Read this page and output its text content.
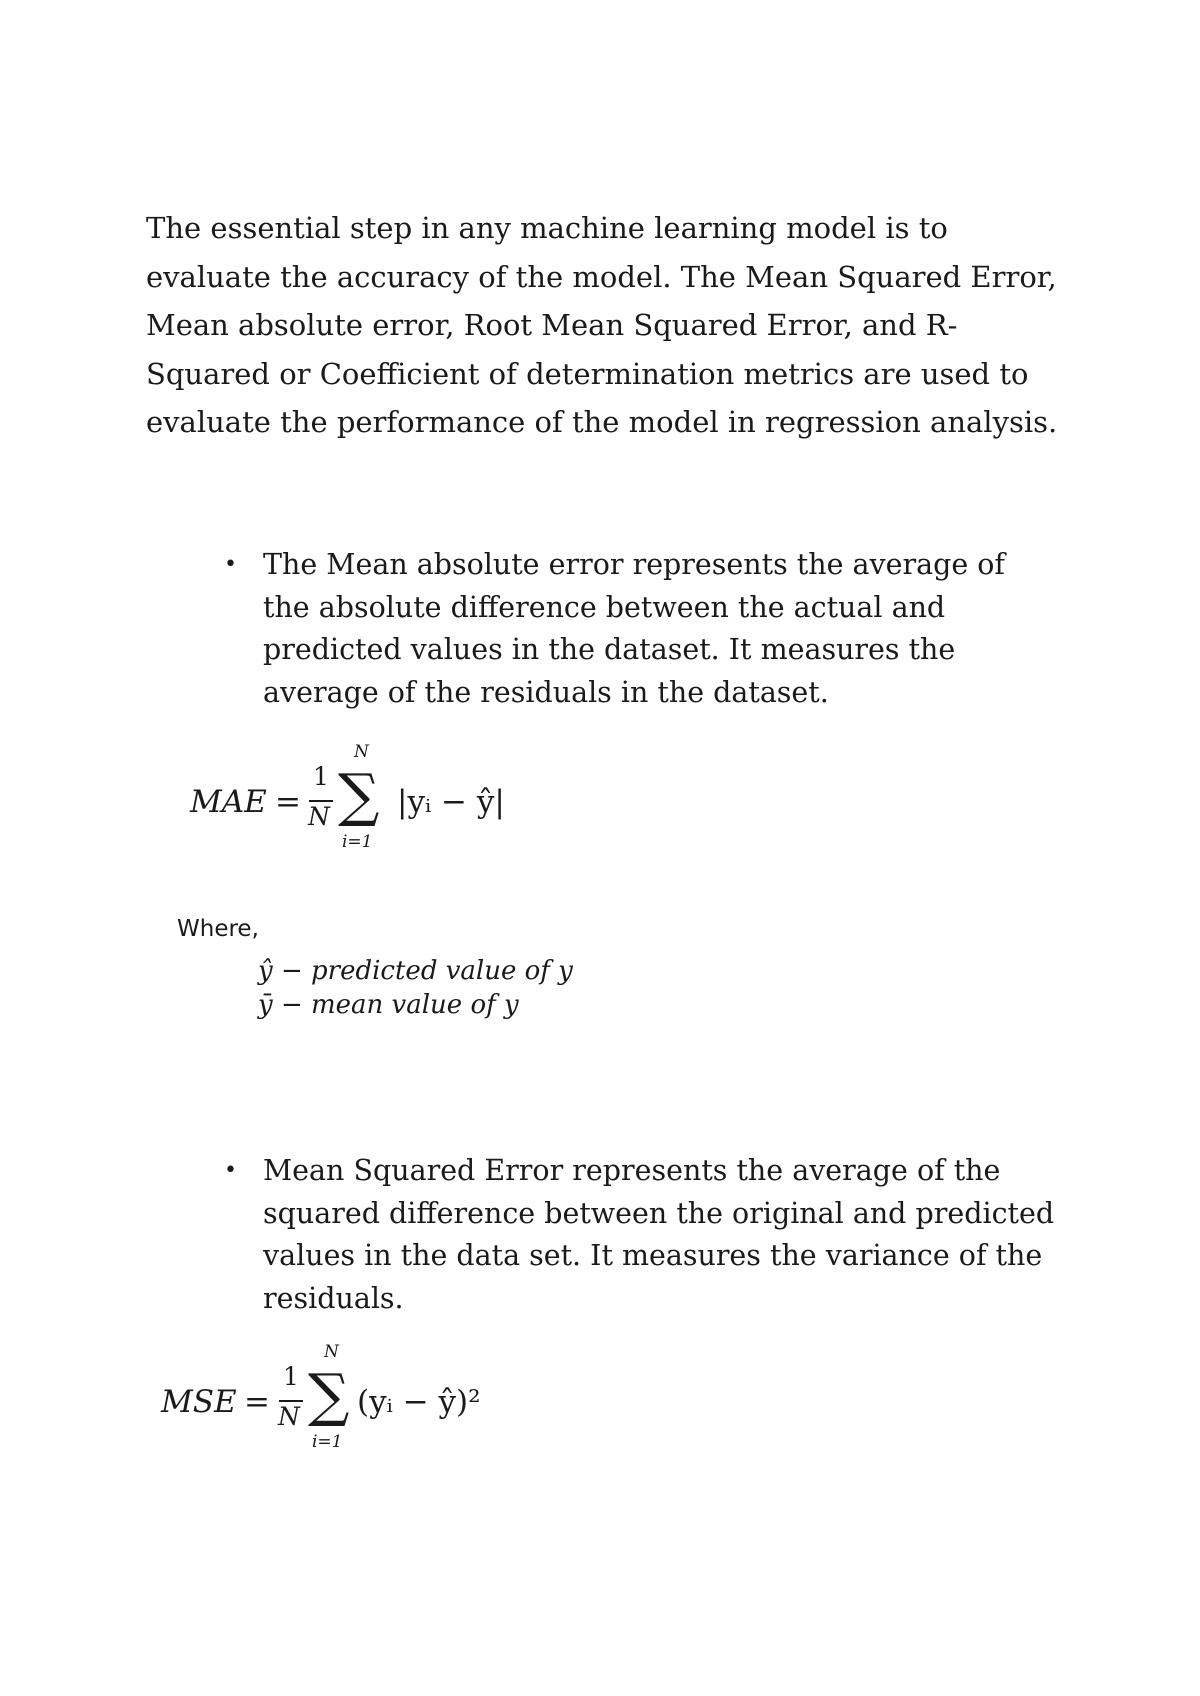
The essential step in any machine learning model is to evaluate the accuracy of the model. The Mean Squared Error, Mean absolute error, Root Mean Squared Error, and R-Squared or Coefficient of determination metrics are used to evaluate the performance of the model in regression analysis.

• The Mean absolute error represents the average of the absolute difference between the actual and predicted values in the dataset. It measures the average of the residuals in the dataset.
MAE =
1
N
N
∑
i=1
|yᵢ − ŷ|
Where,
ŷ − predicted value of y
ȳ − mean value of y
• Mean Squared Error represents the average of the squared difference between the original and predicted values in the data set. It measures the variance of the residuals.
MSE =
1
N
N
∑
i=1
(yᵢ − ŷ)²
